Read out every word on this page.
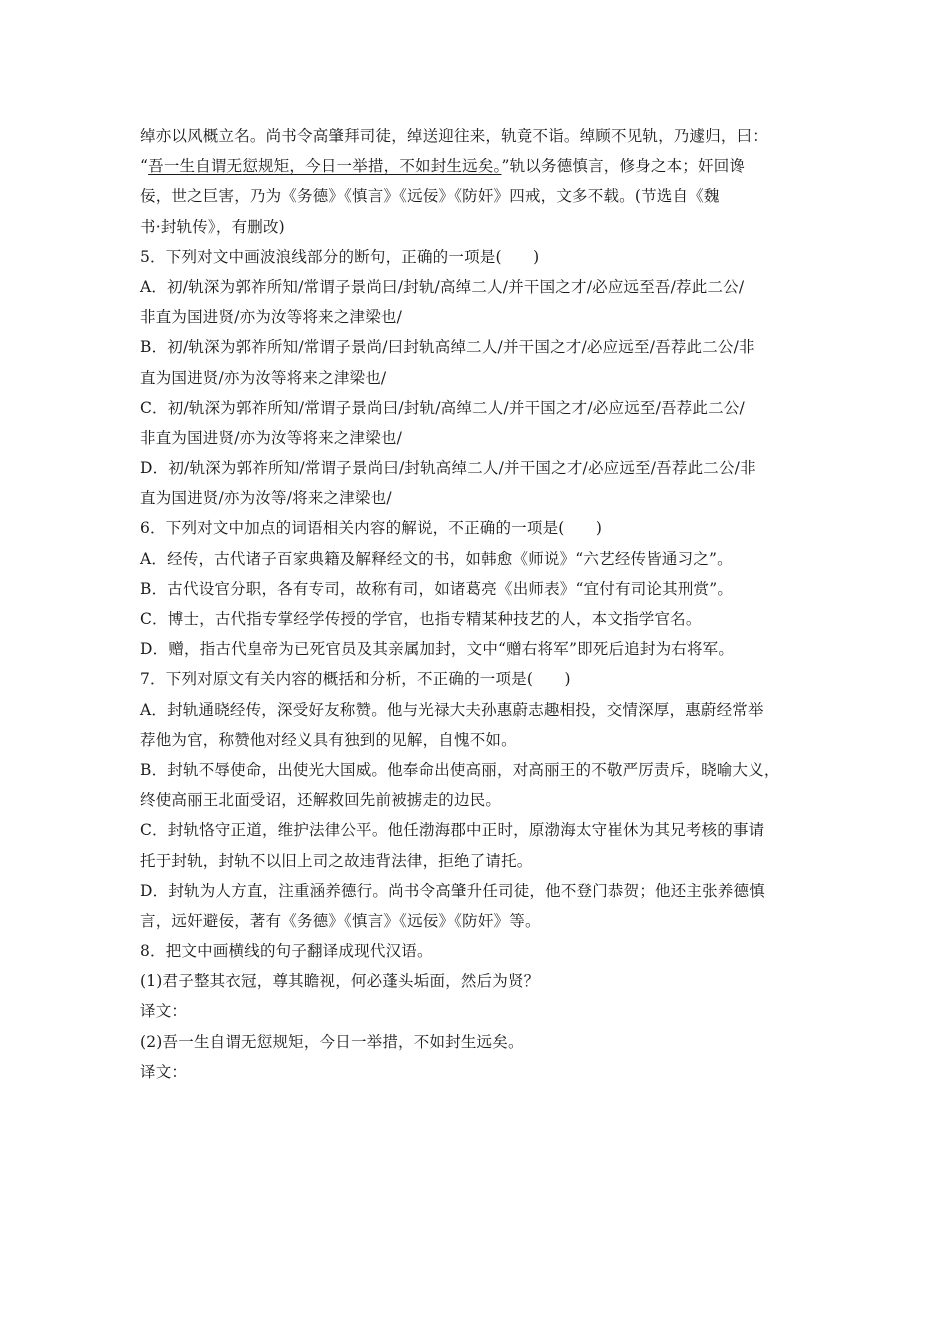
绰亦以风概立名。尚书令高肇拜司徒，绰送迎往来，轨竟不诣。绰顾不见轨，乃遽归，曰：
“吾一生自谓无愆规矩，今日一举措，不如封生远矣。”轨以务德慎言，修身之本；奸回谗
佞，世之巨害，乃为《务德》《慎言》《远佞》《防奸》四戒，文多不载。(节选自《魏
书·封轨传》，有删改)
5．下列对文中画波浪线部分的断句，正确的一项是(　　)
A．初/轨深为郭祚所知/常谓子景尚曰/封轨/高绰二人/并干国之才/必应远至吾/荐此二公/
非直为国进贤/亦为汝等将来之津梁也/
B．初/轨深为郭祚所知/常谓子景尚/曰封轨高绰二人/并干国之才/必应远至/吾荐此二公/非
直为国进贤/亦为汝等将来之津梁也/
C．初/轨深为郭祚所知/常谓子景尚曰/封轨/高绰二人/并干国之才/必应远至/吾荐此二公/
非直为国进贤/亦为汝等将来之津梁也/
D．初/轨深为郭祚所知/常谓子景尚曰/封轨高绰二人/并干国之才/必应远至/吾荐此二公/非
直为国进贤/亦为汝等/将来之津梁也/
6．下列对文中加点的词语相关内容的解说，不正确的一项是(　　)
A．经传，古代诸子百家典籍及解释经文的书，如韩愈《师说》“六艺经传皆通习之”。
B．古代设官分职，各有专司，故称有司，如诸葛亮《出师表》“宜付有司论其刑赏”。
C．博士，古代指专掌经学传授的学官，也指专精某种技艺的人，本文指学官名。
D．赠，指古代皇帝为已死官员及其亲属加封，文中“赠右将军”即死后追封为右将军。
7．下列对原文有关内容的概括和分析，不正确的一项是(　　)
A．封轨通晓经传，深受好友称赞。他与光禄大夫孙惠蔚志趣相投，交情深厚，惠蔚经常举
荐他为官，称赞他对经义具有独到的见解，自愧不如。
B．封轨不辱使命，出使光大国威。他奉命出使高丽，对高丽王的不敬严厉责斥，晓喻大义，
终使高丽王北面受诏，还解救回先前被掳走的边民。
C．封轨恪守正道，维护法律公平。他任渤海郡中正时，原渤海太守崔休为其兄考核的事请
托于封轨，封轨不以旧上司之故违背法律，拒绝了请托。
D．封轨为人方直，注重涵养德行。尚书令高肇升任司徒，他不登门恭贺；他还主张养德慎
言，远奸避佞，著有《务德》《慎言》《远佞》《防奸》等。
8．把文中画横线的句子翻译成现代汉语。
(1)君子整其衣冠，尊其瞻视，何必蓬头垢面，然后为贤？
译文：
(2)吾一生自谓无愆规矩，今日一举措，不如封生远矣。
译文：
